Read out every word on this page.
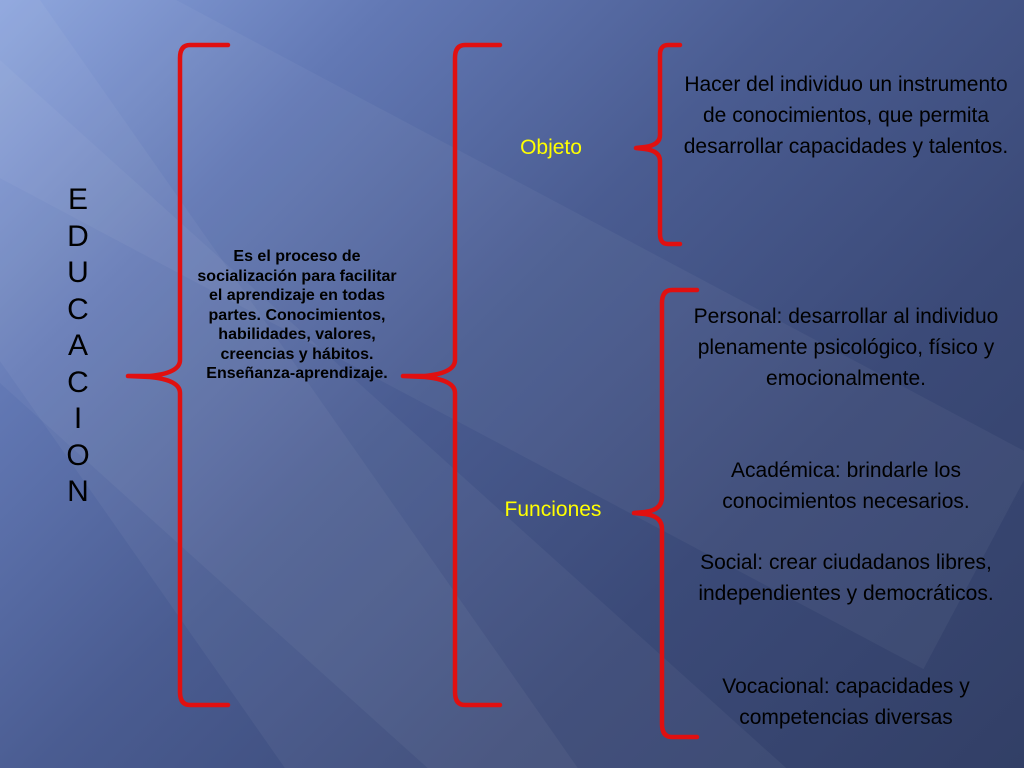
E
D
U
C
A
C
I
O
N
Es el proceso de socialización para facilitar el aprendizaje en todas partes. Conocimientos, habilidades, valores, creencias y hábitos. Enseñanza-aprendizaje.
Objeto
Funciones
Hacer del individuo un instrumento de conocimientos, que permita desarrollar capacidades y talentos.
Personal: desarrollar al individuo plenamente psicológico, físico y emocionalmente.
Académica: brindarle los conocimientos necesarios.
Social: crear ciudadanos libres, independientes y democráticos.
Vocacional: capacidades y competencias diversas
